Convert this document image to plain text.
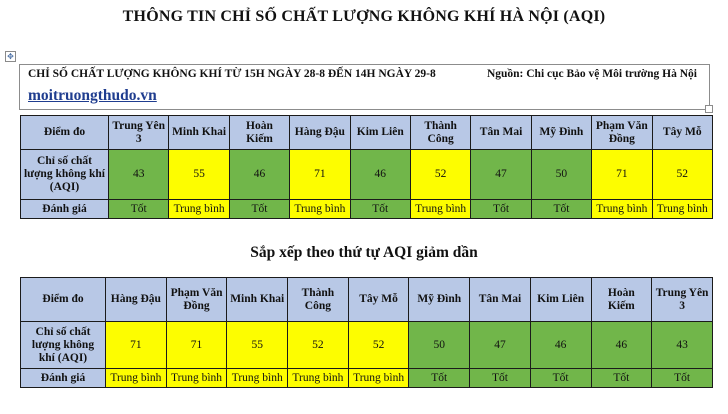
THÔNG TIN CHỈ SỐ CHẤT LƯỢNG KHÔNG KHÍ HÀ NỘI (AQI)
✥
CHỈ SỐ CHẤT LƯỢNG KHÔNG KHÍ TỪ 15H NGÀY 28-8 ĐẾN 14H NGÀY 29-8	Nguồn: Chi cục Bảo vệ Môi trường Hà Nội
moitruongthudo.vn
Điểm đo	Trung Yên 3	Minh Khai	Hoàn Kiếm	Hàng Đậu	Kim Liên	Thành Công	Tân Mai	Mỹ Đình	Phạm Văn Đồng	Tây Mỗ
Chỉ số chất lượng không khí (AQI)	43	55	46	71	46	52	47	50	71	52
Đánh giá	Tốt	Trung bình	Tốt	Trung bình	Tốt	Trung bình	Tốt	Tốt	Trung bình	Trung bình
Sắp xếp theo thứ tự AQI giảm dần
Điểm đo	Hàng Đậu	Phạm Văn Đồng	Minh Khai	Thành Công	Tây Mỗ	Mỹ Đình	Tân Mai	Kim Liên	Hoàn Kiếm	Trung Yên 3
Chỉ số chất lượng không khí (AQI)	71	71	55	52	52	50	47	46	46	43
Đánh giá	Trung bình	Trung bình	Trung bình	Trung bình	Trung bình	Tốt	Tốt	Tốt	Tốt	Tốt
